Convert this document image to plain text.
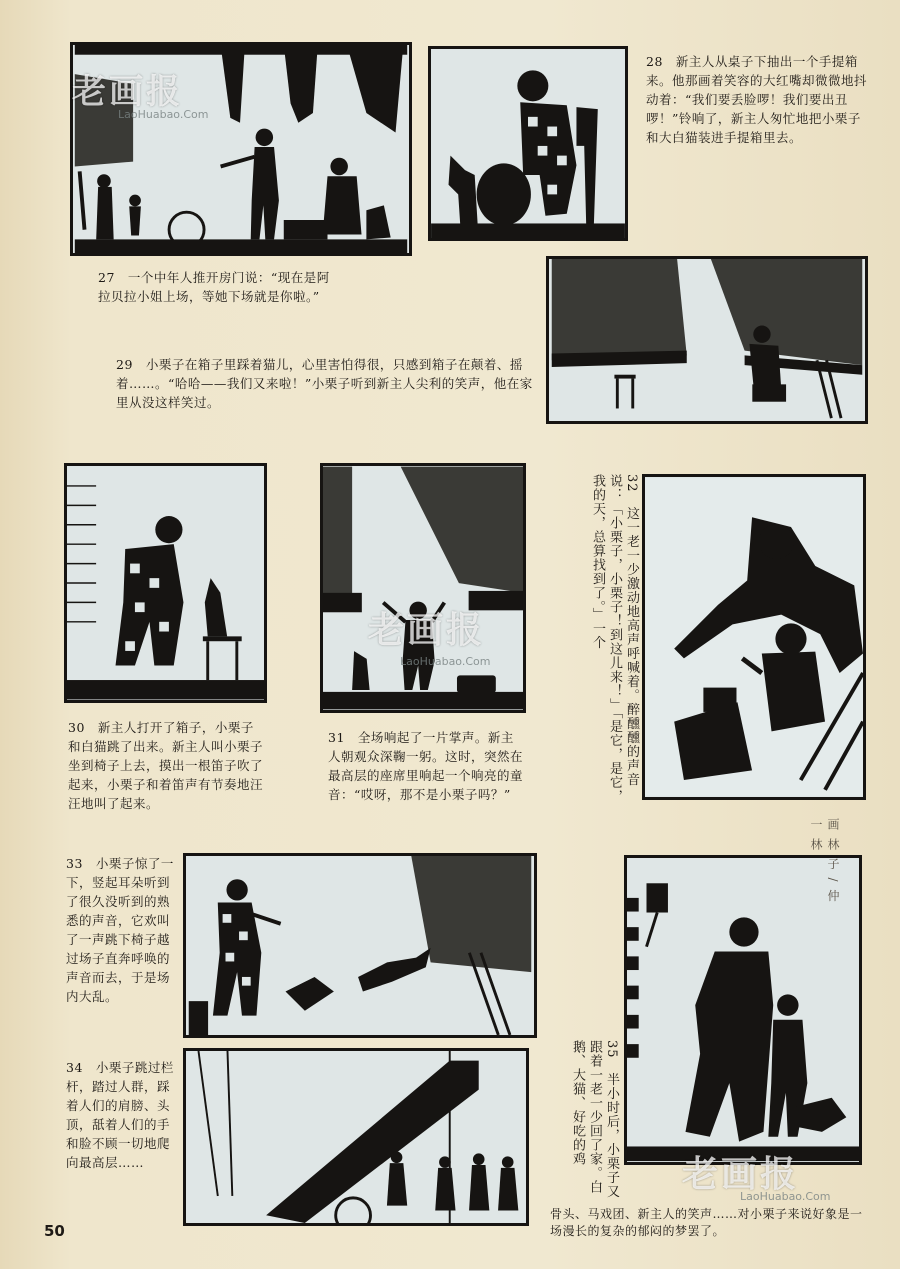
28　新主人从桌子下抽出一个手提箱来。他那画着笑容的大红嘴却微微地抖动着：“我们要丢脸啰！我们要出丑啰！”铃响了，新主人匆忙地把小栗子和大白猫装进手提箱里去。
27　一个中年人推开房门说：“现在是阿拉贝拉小姐上场，等她下场就是你啦。”
29　小栗子在箱子里踩着猫儿，心里害怕得很，只感到箱子在颠着、摇着……。“哈哈——我们又来啦！”小栗子听到新主人尖利的笑声，他在家里从没这样笑过。
30　新主人打开了箱子，小栗子和白猫跳了出来。新主人叫小栗子坐到椅子上去，摸出一根笛子吹了起来，小栗子和着笛声有节奏地汪汪地叫了起来。
31　全场响起了一片掌声。新主人朝观众深鞠一躬。这时，突然在最高层的座席里响起一个响亮的童音：“哎呀，那不是小栗子吗？”
32　这一老一少激动地高声呼喊着。醉醺醺的声音说：「小栗子，小栗子！到这儿来！」「是它，是它，我的天，总算找到了。」一个
33　小栗子惊了一下，竖起耳朵听到了很久没听到的熟悉的声音，它欢叫了一声跳下椅子越过场子直奔呼唤的声音而去，于是场内大乱。
34　小栗子跳过栏杆，踏过人群，踩着人们的肩膀、头顶，舐着人们的手和脸不顾一切地爬向最高层……	35　半小时后，小栗子又跟着一老一少回了家。白鹅、大猫、好吃的鸡
骨头、马戏团、新主人的笑声……对小栗子来说好象是一场漫长的复杂的郁闷的梦罢了。
画 林 子 / 仲 一 林
50
老画报
LaoHuabao.Com
老画报
LaoHuabao.Com
老画报
LaoHuabao.Com
